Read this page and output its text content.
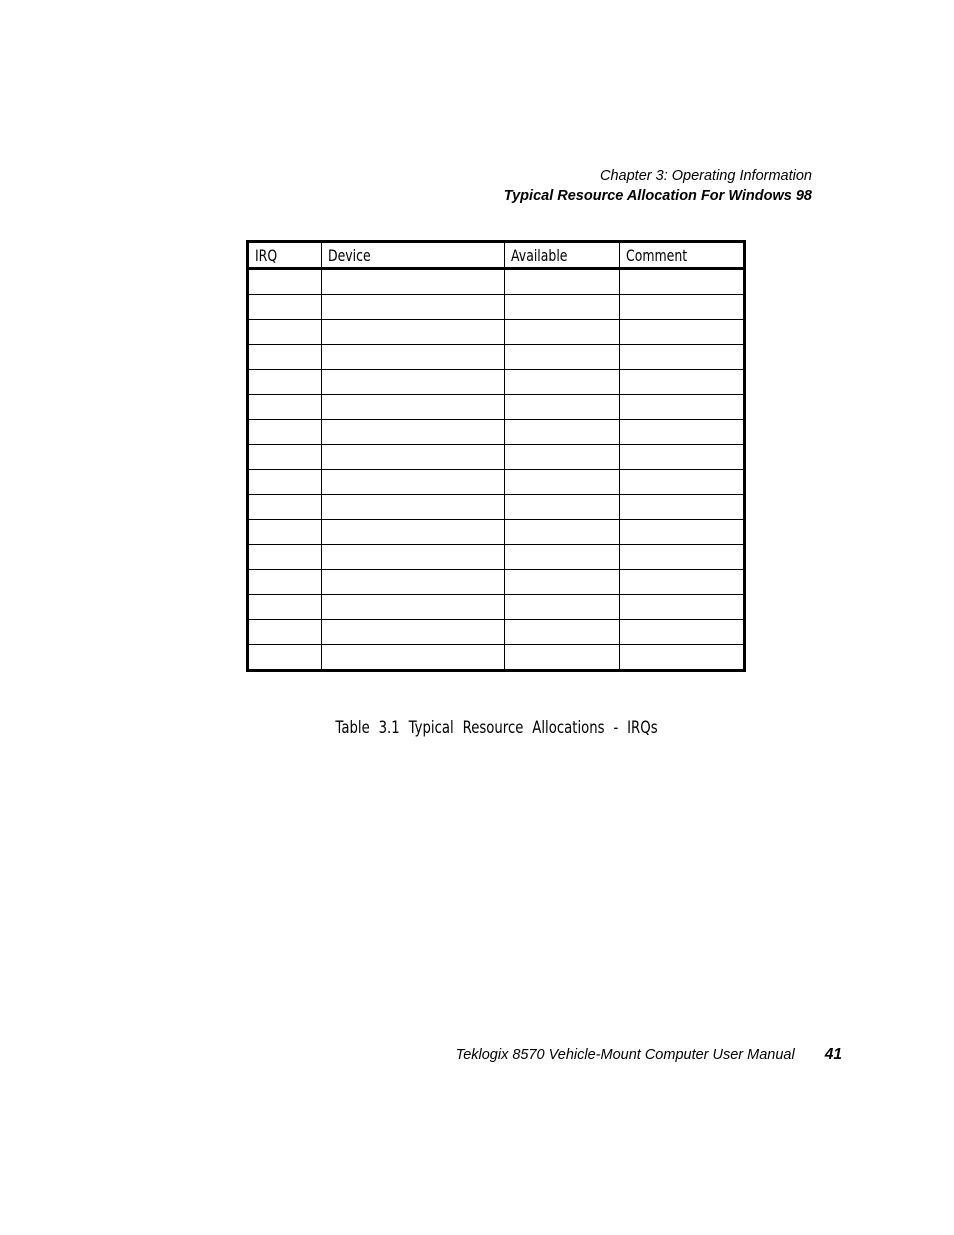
Chapter 3: Operating Information
Typical Resource Allocation For Windows 98
IRQ	Device	Available	Comment

Table 3.1 Typical Resource Allocations - IRQs
Teklogix 8570 Vehicle-Mount Computer User Manual 41
